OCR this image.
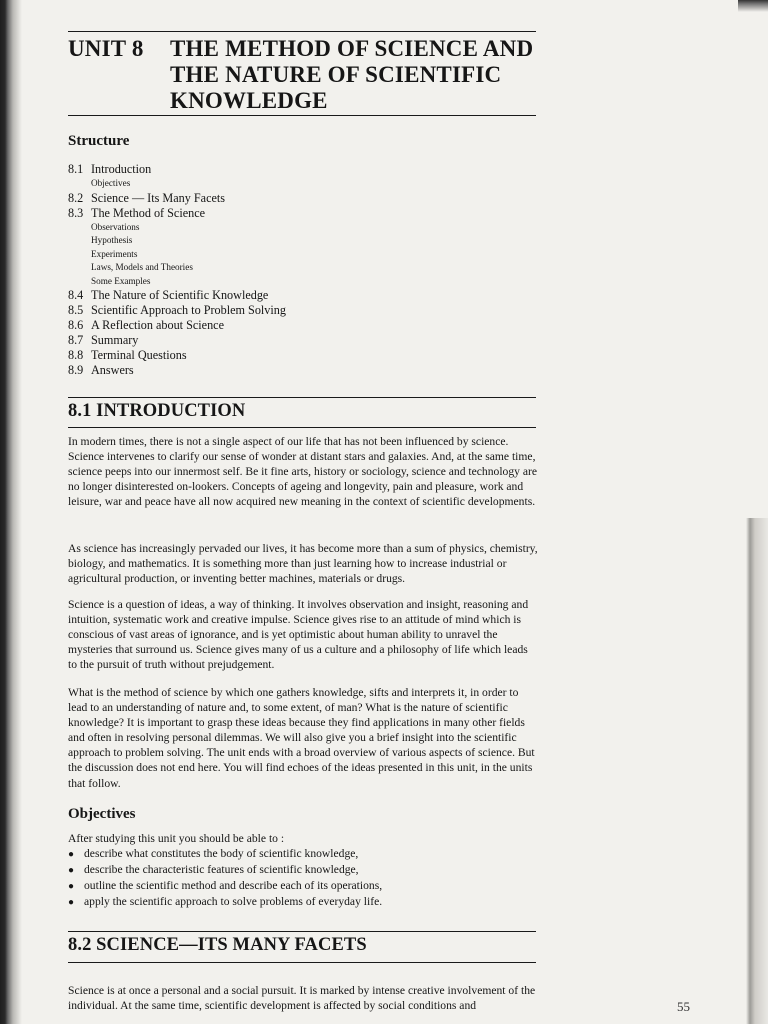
UNIT 8 THE METHOD OF SCIENCE AND
THE NATURE OF SCIENTIFIC
KNOWLEDGE
Structure
8.1 Introduction
Objectives
8.2 Science — Its Many Facets
8.3 The Method of Science
Observations
Hypothesis
Experiments
Laws, Models and Theories
Some Examples
8.4 The Nature of Scientific Knowledge
8.5 Scientific Approach to Problem Solving
8.6 A Reflection about Science
8.7 Summary
8.8 Terminal Questions
8.9 Answers
8.1 INTRODUCTION

In modern times, there is not a single aspect of our life that has not been influenced by science. Science intervenes to clarify our sense of wonder at distant stars and galaxies. And, at the same time, science peeps into our innermost self. Be it fine arts, history or sociology, science and technology are no longer disinterested on-lookers. Concepts of ageing and longevity, pain and pleasure, work and leisure, war and peace have all now acquired new meaning in the context of scientific developments.

As science has increasingly pervaded our lives, it has become more than a sum of physics, chemistry, biology, and mathematics. It is something more than just learning how to increase industrial or agricultural production, or inventing better machines, materials or drugs.

Science is a question of ideas, a way of thinking. It involves observation and insight, reasoning and intuition, systematic work and creative impulse. Science gives rise to an attitude of mind which is conscious of vast areas of ignorance, and is yet optimistic about human ability to unravel the mysteries that surround us. Science gives many of us a culture and a philosophy of life which leads to the pursuit of truth without prejudgement.

What is the method of science by which one gathers knowledge, sifts and interprets it, in order to lead to an understanding of nature and, to some extent, of man? What is the nature of scientific knowledge? It is important to grasp these ideas because they find applications in many other fields and often in resolving personal dilemmas. We will also give you a brief insight into the scientific approach to problem solving. The unit ends with a broad overview of various aspects of science. But the discussion does not end here. You will find echoes of the ideas presented in this unit, in the units that follow.

Objectives
After studying this unit you should be able to :
● describe what constitutes the body of scientific knowledge,
● describe the characteristic features of scientific knowledge,
● outline the scientific method and describe each of its operations,
● apply the scientific approach to solve problems of everyday life.
8.2 SCIENCE—ITS MANY FACETS

Science is at once a personal and a social pursuit. It is marked by intense creative involvement of the individual. At the same time, scientific development is affected by social conditions and	55
